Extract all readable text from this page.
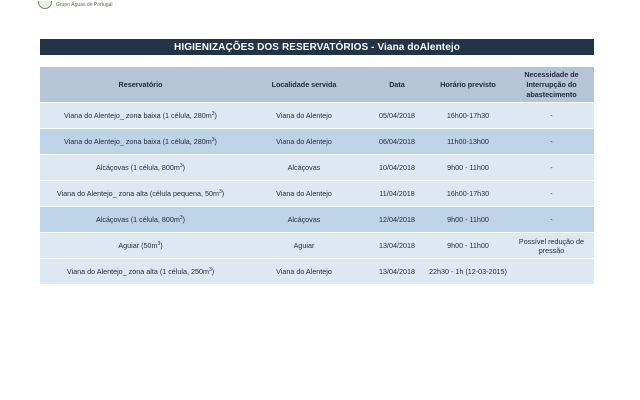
Grupo Águas de Portugal
HIGIENIZAÇÕES DOS RESERVATÓRIOS - Viana doAlentejo
Reservatório	Localidade servida	Data	Horário previsto	Necessidade de Interrupção do abastecimento
Viana do Alentejo_ zona baixa (1 célula, $280m^3$)	Viana do Alentejo	05/04/2018	16h00-17h30	-
Viana do Alentejo_ zona baixa (1 célula, $280m^3$)	Viana do Alentejo	06/04/2018	11h00-13h00	-
Alcáçovas (1 célula, $800m^3$)	Alcáçovas	10/04/2018	9h00 - 11h00	-
Viana do Alentejo_ zona alta (célula pequena, $50m^3$)	Viana do Alentejo	11/04/2018	16h00-17h30	-
Alcáçovas (1 célula, $800m^3$)	Alcáçovas	12/04/2018	9h00 - 11h00	-
Aguiar $(50m^3)$	Aguiar	13/04/2018	9h00 - 11h00	Possível redução de pressão
Viana do Alentejo_ zona alta (1 célula, $250m^3$)	Viana do Alentejo	13/04/2018	22h30 - 1h (12-03-2015)	
